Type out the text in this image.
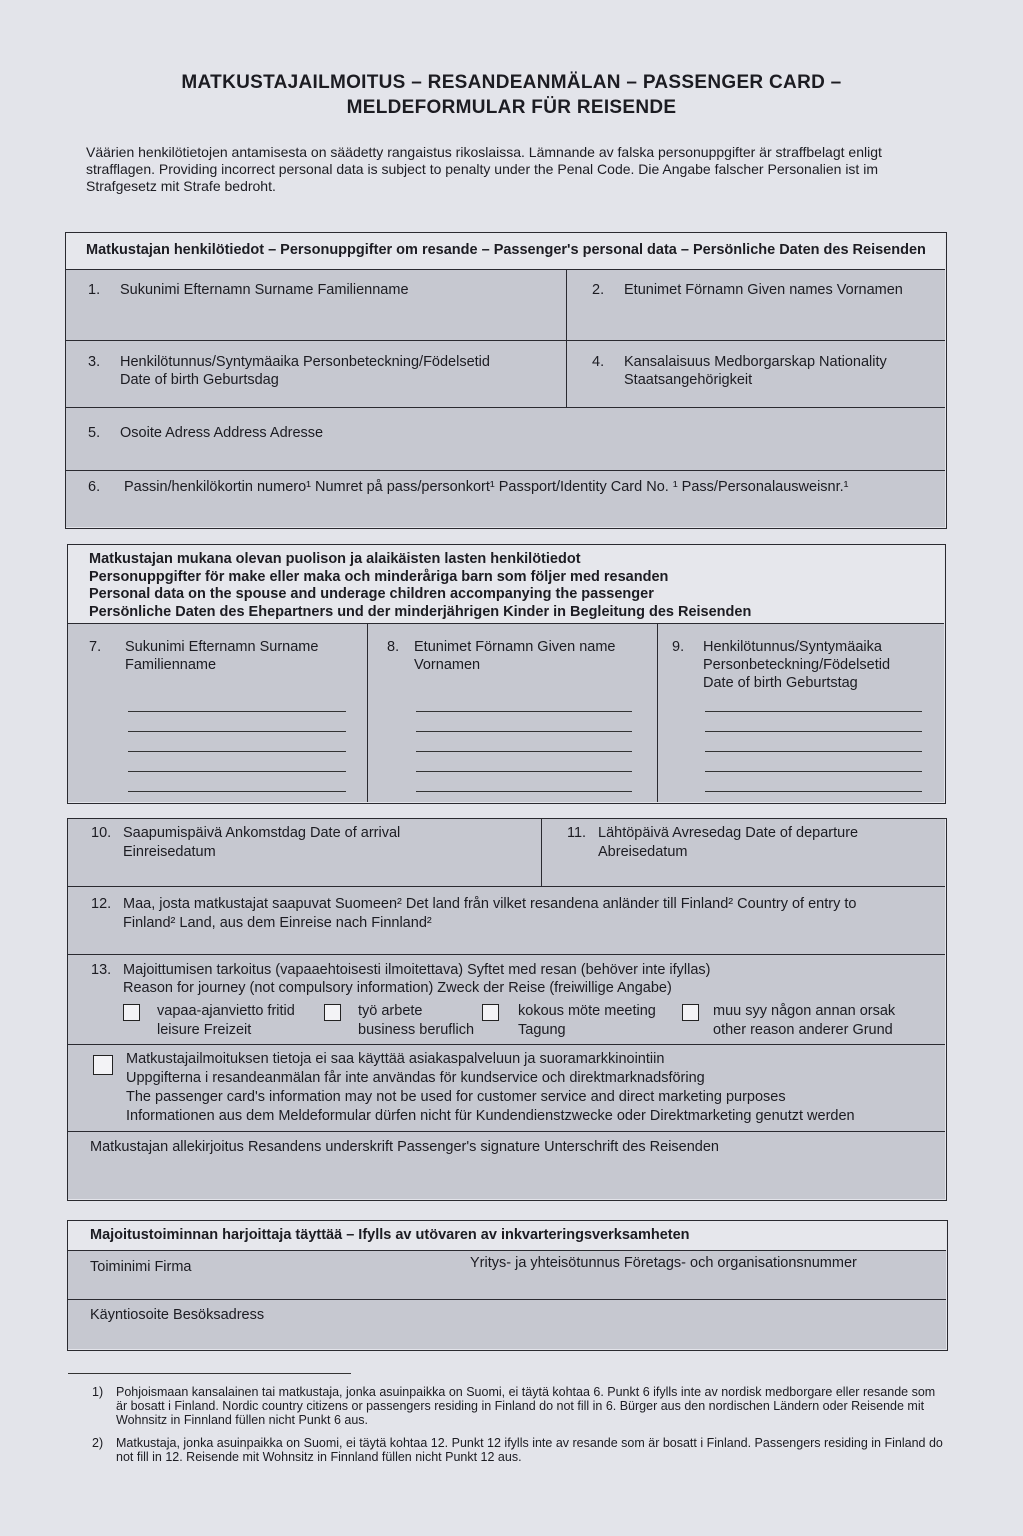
MATKUSTAJAILMOITUS – RESANDEANMÄLAN – PASSENGER CARD –
MELDEFORMULAR FÜR REISENDE
Väärien henkilötietojen antamisesta on säädetty rangaistus rikoslaissa. Lämnande av falska personuppgifter är straffbelagt enligt strafflagen. Providing incorrect personal data is subject to penalty under the Penal Code. Die Angabe falscher Personalien ist im Strafgesetz mit Strafe bedroht.
Matkustajan henkilötiedot – Personuppgifter om resande – Passenger's personal data – Persönliche Daten des Reisenden
1. Sukunimi Efternamn Surname Familienname	2. Etunimet Förnamn Given names Vornamen
3. Henkilötunnus/Syntymäaika Personbeteckning/Födelsetid
Date of birth Geburtsdag
4. Kansalaisuus Medborgarskap Nationality
Staatsangehörigkeit
5. Osoite Adress Address Adresse
6. Passin/henkilökortin numero¹ Numret på pass/personkort¹ Passport/Identity Card No. ¹ Pass/Personalausweisnr.¹
Matkustajan mukana olevan puolison ja alaikäisten lasten henkilötiedot
Personuppgifter för make eller maka och minderåriga barn som följer med resanden
Personal data on the spouse and underage children accompanying the passenger
Persönliche Daten des Ehepartners und der minderjährigen Kinder in Begleitung des Reisenden
7. Sukunimi Efternamn Surname
Familienname
8. Etunimet Förnamn Given name
Vornamen
9. Henkilötunnus/Syntymäaika
Personbeteckning/Födelsetid
Date of birth Geburtstag
10. Saapumispäivä Ankomstdag Date of arrival
Einreisedatum
11. Lähtöpäivä Avresedag Date of departure
Abreisedatum
12. Maa, josta matkustajat saapuvat Suomeen² Det land från vilket resandena anländer till Finland² Country of entry to
Finland² Land, aus dem Einreise nach Finnland²
13. Majoittumisen tarkoitus (vapaaehtoisesti ilmoitettava) Syftet med resan (behöver inte ifyllas)
Reason for journey (not compulsory information) Zweck der Reise (freiwillige Angabe)
vapaa-ajanvietto fritid
leisure Freizeit
työ arbete
business beruflich
kokous möte meeting
Tagung
muu syy någon annan orsak
other reason anderer Grund
Matkustajailmoituksen tietoja ei saa käyttää asiakaspalveluun ja suoramarkkinointiin
Uppgifterna i resandeanmälan får inte användas för kundservice och direktmarknadsföring
The passenger card's information may not be used for customer service and direct marketing purposes
Informationen aus dem Meldeformular dürfen nicht für Kundendienstzwecke oder Direktmarketing genutzt werden
Matkustajan allekirjoitus Resandens underskrift Passenger's signature Unterschrift des Reisenden
Majoitustoiminnan harjoittaja täyttää – Ifylls av utövaren av inkvarteringsverksamheten
Toiminimi Firma	Yritys- ja yhteisötunnus Företags- och organisationsnummer
Käyntiosoite Besöksadress
1) Pohjoismaan kansalainen tai matkustaja, jonka asuinpaikka on Suomi, ei täytä kohtaa 6. Punkt 6 ifylls inte av nordisk medborgare eller resande som är bosatt i Finland. Nordic country citizens or passengers residing in Finland do not fill in 6. Bürger aus den nordischen Ländern oder Reisende mit Wohnsitz in Finnland füllen nicht Punkt 6 aus.
2) Matkustaja, jonka asuinpaikka on Suomi, ei täytä kohtaa 12. Punkt 12 ifylls inte av resande som är bosatt i Finland. Passengers residing in Finland do not fill in 12. Reisende mit Wohnsitz in Finnland füllen nicht Punkt 12 aus.
